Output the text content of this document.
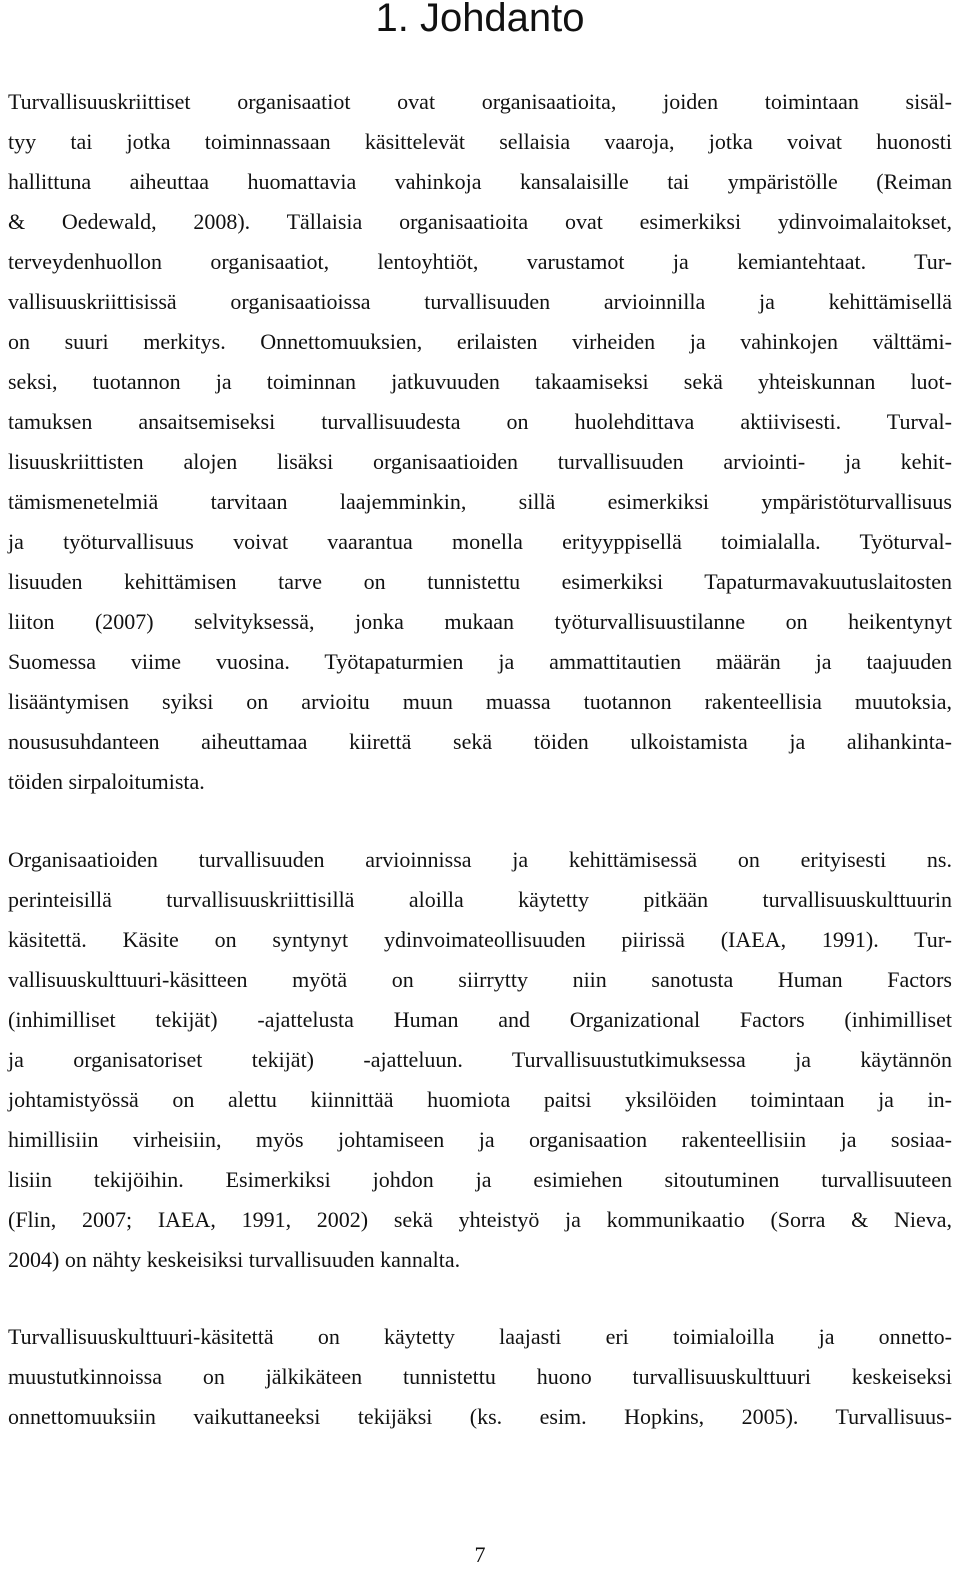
1. Johdanto
Turvallisuuskriittiset organisaatiot ovat organisaatioita, joiden toimintaan sisäl-
tyy tai jotka toiminnassaan käsittelevät sellaisia vaaroja, jotka voivat huonosti
hallittuna aiheuttaa huomattavia vahinkoja kansalaisille tai ympäristölle (Reiman
& Oedewald, 2008). Tällaisia organisaatioita ovat esimerkiksi ydinvoimalaitokset,
terveydenhuollon organisaatiot, lentoyhtiöt, varustamot ja kemiantehtaat. Tur-
vallisuuskriittisissä organisaatioissa turvallisuuden arvioinnilla ja kehittämisellä
on suuri merkitys. Onnettomuuksien, erilaisten virheiden ja vahinkojen välttämi-
seksi, tuotannon ja toiminnan jatkuvuuden takaamiseksi sekä yhteiskunnan luot-
tamuksen ansaitsemiseksi turvallisuudesta on huolehdittava aktiivisesti. Turval-
lisuuskriittisten alojen lisäksi organisaatioiden turvallisuuden arviointi- ja kehit-
tämismenetelmiä tarvitaan laajemminkin, sillä esimerkiksi ympäristöturvallisuus
ja työturvallisuus voivat vaarantua monella erityyppisellä toimialalla. Työturval-
lisuuden kehittämisen tarve on tunnistettu esimerkiksi Tapaturmavakuutuslaitosten
liiton (2007) selvityksessä, jonka mukaan työturvallisuustilanne on heikentynyt
Suomessa viime vuosina. Työtapaturmien ja ammattitautien määrän ja taajuuden
lisääntymisen syiksi on arvioitu muun muassa tuotannon rakenteellisia muutoksia,
noususuhdanteen aiheuttamaa kiirettä sekä töiden ulkoistamista ja alihankinta-
töiden sirpaloitumista.
Organisaatioiden turvallisuuden arvioinnissa ja kehittämisessä on erityisesti ns.
perinteisillä turvallisuuskriittisillä aloilla käytetty pitkään turvallisuuskulttuurin
käsitettä. Käsite on syntynyt ydinvoimateollisuuden piirissä (IAEA, 1991). Tur-
vallisuuskulttuuri-käsitteen myötä on siirrytty niin sanotusta Human Factors
(inhimilliset tekijät) -ajattelusta Human and Organizational Factors (inhimilliset
ja organisatoriset tekijät) -ajatteluun. Turvallisuustutkimuksessa ja käytännön
johtamistyössä on alettu kiinnittää huomiota paitsi yksilöiden toimintaan ja in-
himillisiin virheisiin, myös johtamiseen ja organisaation rakenteellisiin ja sosiaa-
lisiin tekijöihin. Esimerkiksi johdon ja esimiehen sitoutuminen turvallisuuteen
(Flin, 2007; IAEA, 1991, 2002) sekä yhteistyö ja kommunikaatio (Sorra & Nieva,
2004) on nähty keskeisiksi turvallisuuden kannalta.
Turvallisuuskulttuuri-käsitettä on käytetty laajasti eri toimialoilla ja onnetto-
muustutkinnoissa on jälkikäteen tunnistettu huono turvallisuuskulttuuri keskeiseksi
onnettomuuksiin vaikuttaneeksi tekijäksi (ks. esim. Hopkins, 2005). Turvallisuus-
7
